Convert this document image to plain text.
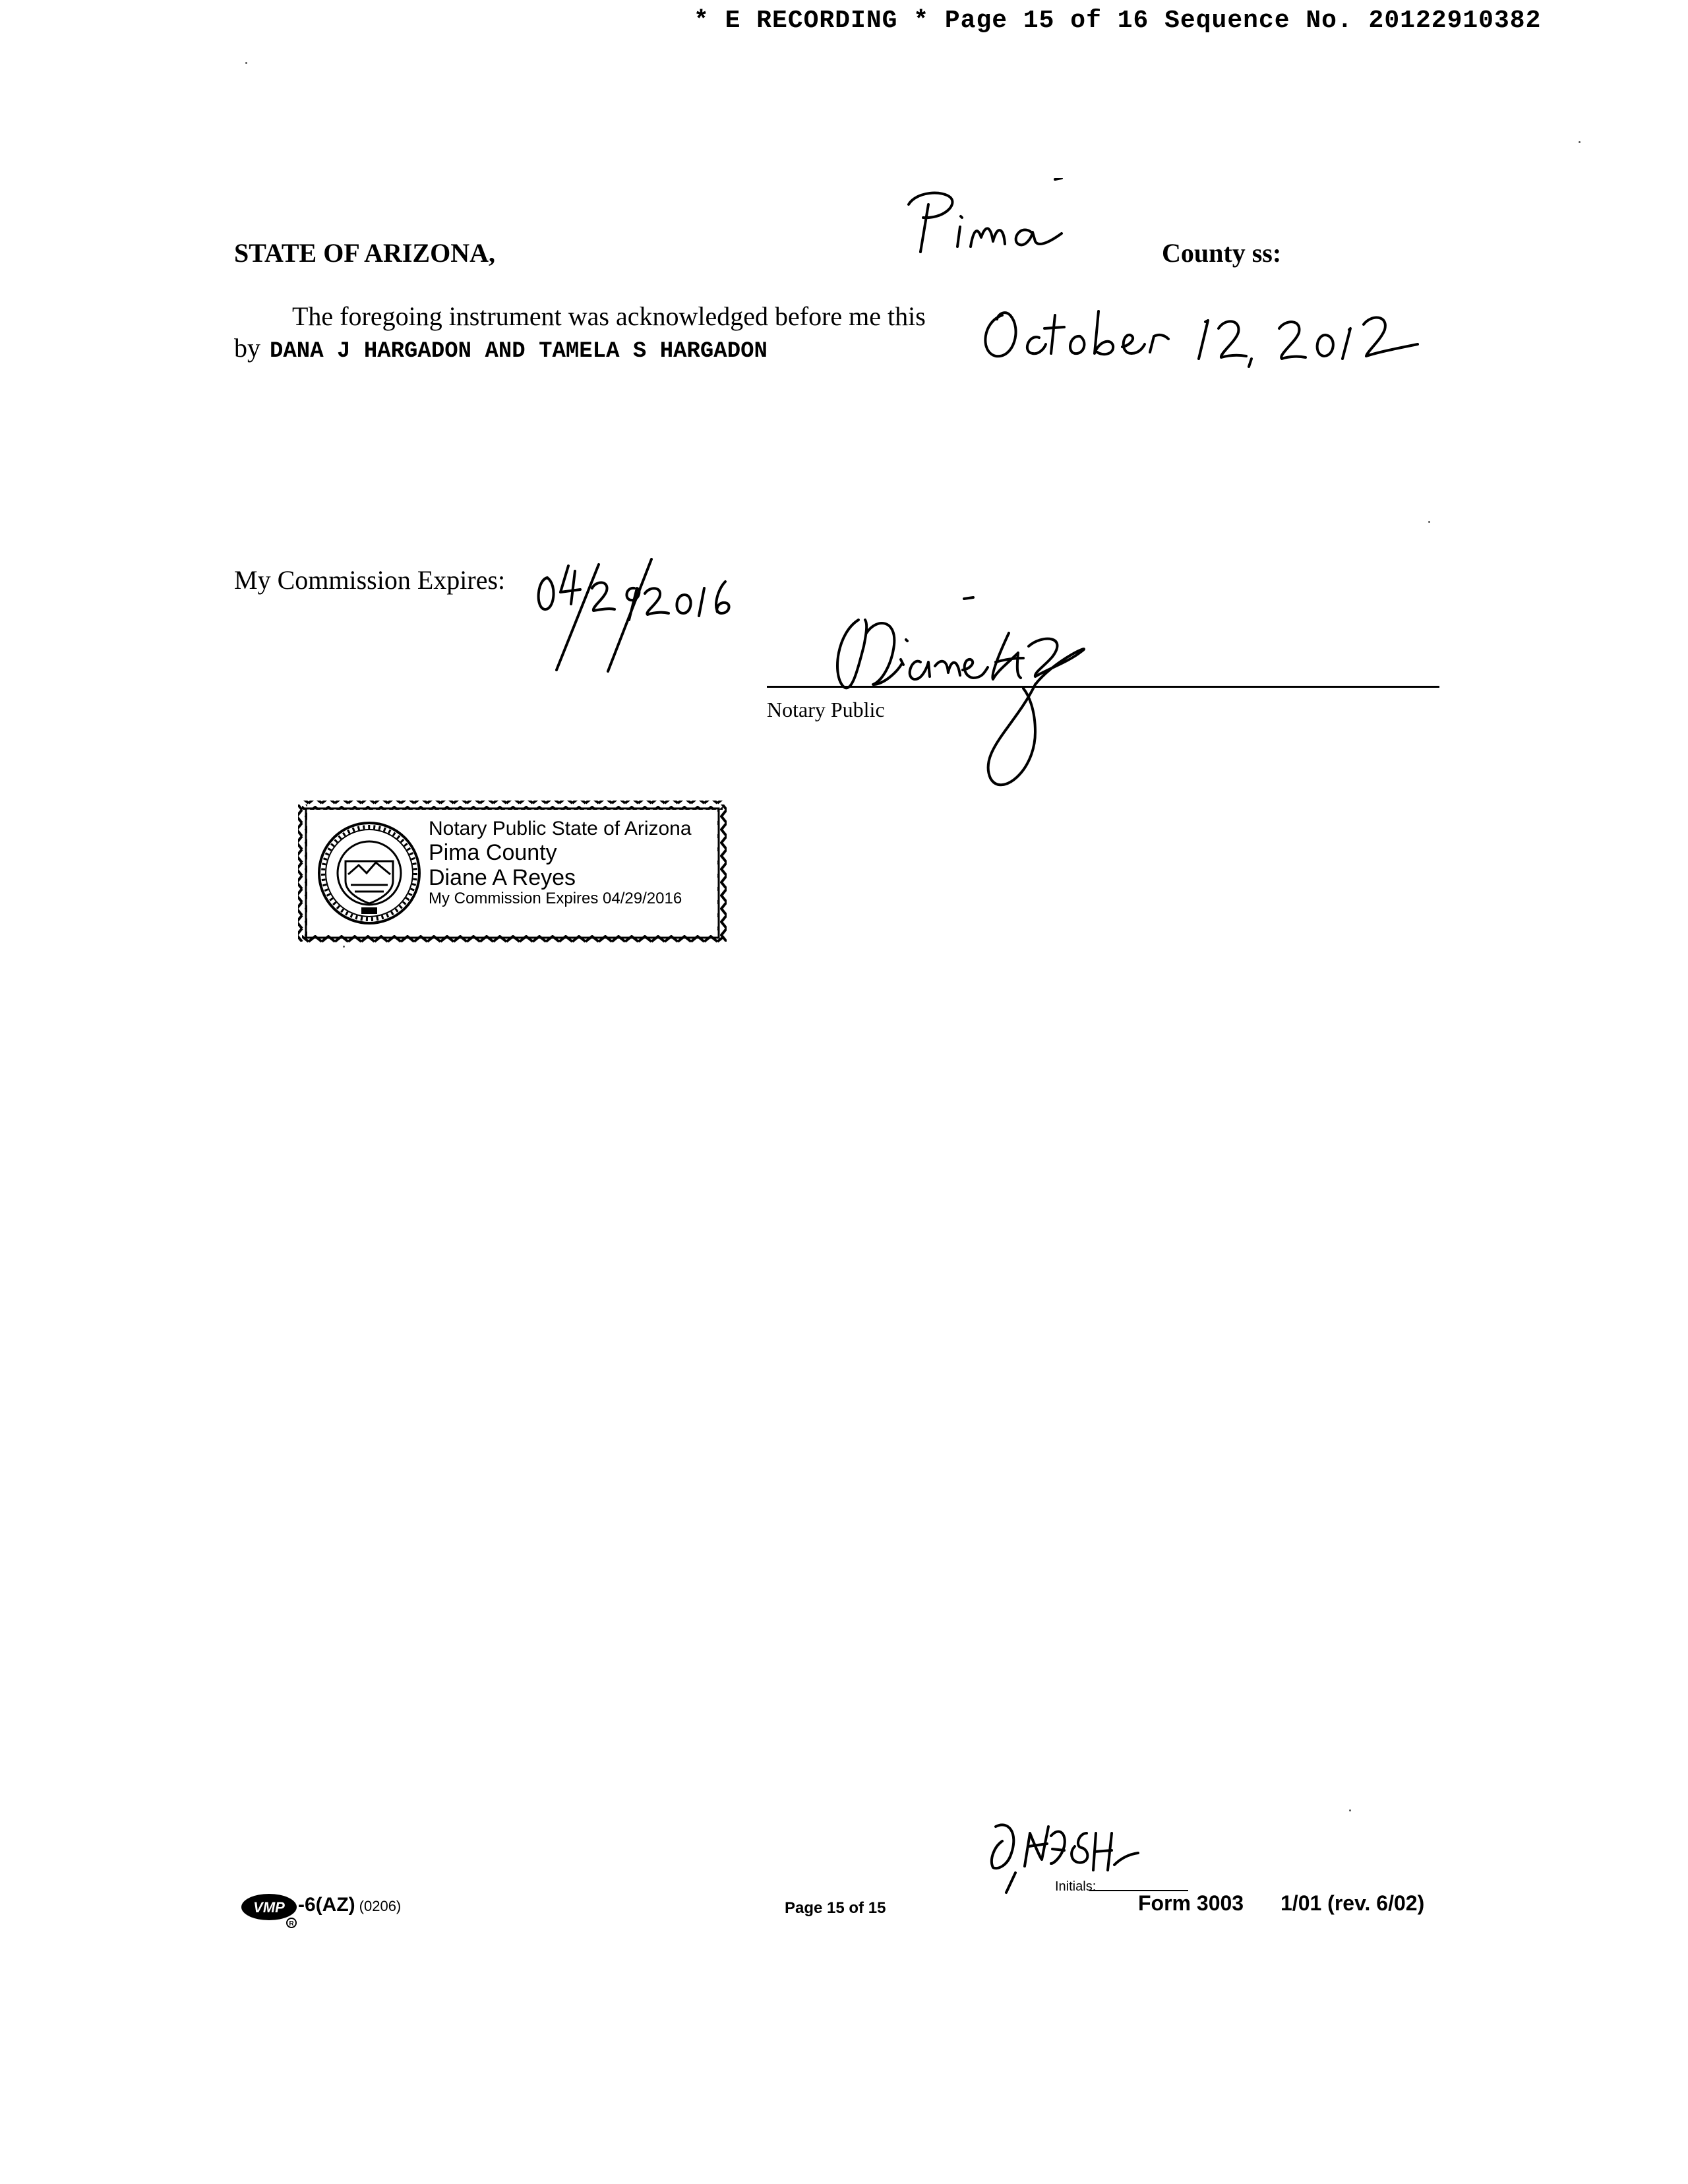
* E RECORDING * Page 15 of 16 Sequence No. 20122910382
STATE OF ARIZONA,	County ss:
The foregoing instrument was acknowledged before me this
by DANA J HARGADON AND TAMELA S HARGADON
My Commission Expires:
Notary Public
Notary Public State of Arizona
Pima County
Diane A Reyes
My Commission Expires 04/29/2016
VMP
R
-6(AZ) (0206)	Page 15 of 15
Initials:
Form 3003 1/01 (rev. 6/02)
